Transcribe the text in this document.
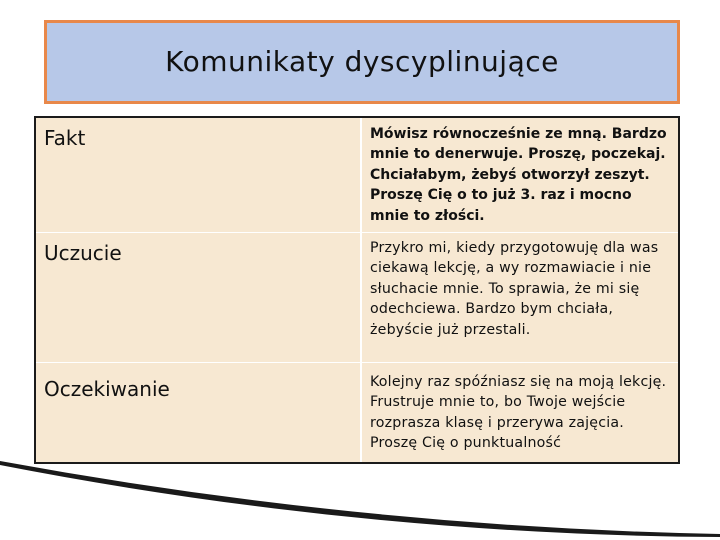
Komunikaty dyscyplinujące
Fakt	Mówisz równocześnie ze mną. Bardzo mnie to denerwuje. Proszę, poczekaj. Chciałabym, żebyś otworzył zeszyt. Proszę Cię o to już 3. raz i mocno mnie to złości.
Uczucie	Przykro mi, kiedy przygotowuję dla was ciekawą lekcję, a wy rozmawiacie i nie słuchacie mnie. To sprawia, że mi się odechciewa. Bardzo bym chciała, żebyście już przestali.
Oczekiwanie	Kolejny raz spóźniasz się na moją lekcję. Frustruje mnie to, bo Twoje wejście rozprasza klasę i przerywa zajęcia. Proszę Cię o punktualność
